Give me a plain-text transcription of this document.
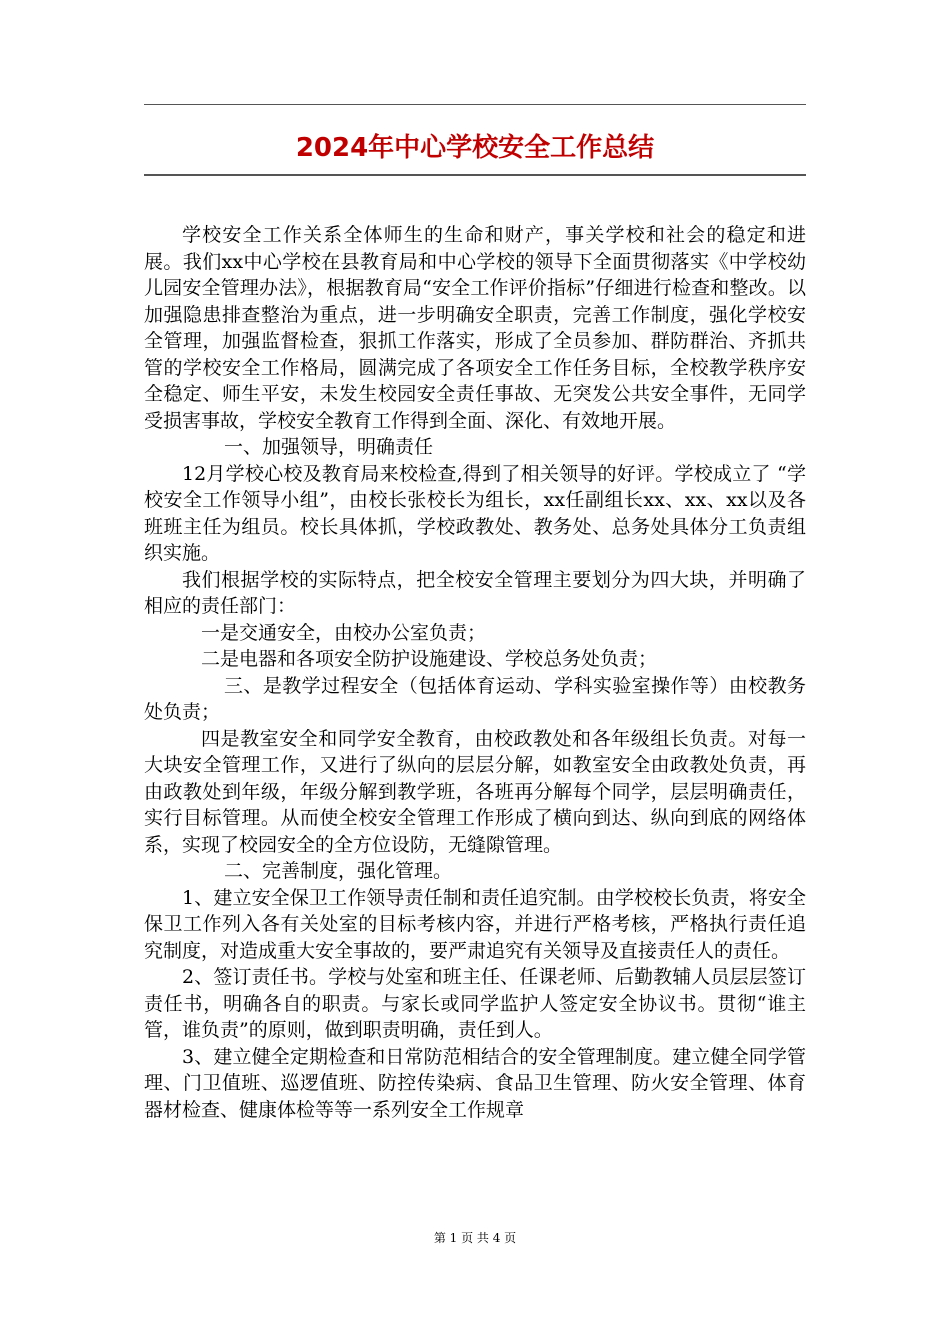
2024年中心学校安全工作总结

学校安全工作关系全体师生的生命和财产，事关学校和社会的稳定和进展。我们xx中心学校在县教育局和中心学校的领导下全面贯彻落实《中学校幼儿园安全管理办法》，根据教育局“安全工作评价指标”仔细进行检查和整改。以加强隐患排查整治为重点，进一步明确安全职责，完善工作制度，强化学校安全管理，加强监督检查，狠抓工作落实，形成了全员参加、群防群治、齐抓共管的学校安全工作格局，圆满完成了各项安全工作任务目标，全校教学秩序安全稳定、师生平安，未发生校园安全责任事故、无突发公共安全事件，无同学受损害事故，学校安全教育工作得到全面、深化、有效地开展。

一、加强领导，明确责任

12月学校心校及教育局来校检查,得到了相关领导的好评。学校成立了 “学校安全工作领导小组”，由校长张校长为组长，xx任副组长xx、xx、xx以及各班班主任为组员。校长具体抓，学校政教处、教务处、总务处具体分工负责组织实施。

我们根据学校的实际特点，把全校安全管理主要划分为四大块，并明确了相应的责任部门：

一是交通安全，由校办公室负责；

二是电器和各项安全防护设施建设、学校总务处负责；

三、是教学过程安全（包括体育运动、学科实验室操作等）由校教务处负责；

四是教室安全和同学安全教育，由校政教处和各年级组长负责。对每一大块安全管理工作，又进行了纵向的层层分解，如教室安全由政教处负责，再由政教处到年级，年级分解到教学班，各班再分解每个同学，层层明确责任，实行目标管理。从而使全校安全管理工作形成了横向到达、纵向到底的网络体系，实现了校园安全的全方位设防，无缝隙管理。

二、完善制度，强化管理。

1、建立安全保卫工作领导责任制和责任追究制。由学校校长负责，将安全保卫工作列入各有关处室的目标考核内容，并进行严格考核，严格执行责任追究制度，对造成重大安全事故的，要严肃追究有关领导及直接责任人的责任。

2、签订责任书。学校与处室和班主任、任课老师、后勤教辅人员层层签订责任书，明确各自的职责。与家长或同学监护人签定安全协议书。贯彻“谁主管，谁负责”的原则，做到职责明确，责任到人。

3、建立健全定期检查和日常防范相结合的安全管理制度。建立健全同学管理、门卫值班、巡逻值班、防控传染病、食品卫生管理、防火安全管理、体育器材检查、健康体检等等一系列安全工作规章

第 1 页 共 4 页
